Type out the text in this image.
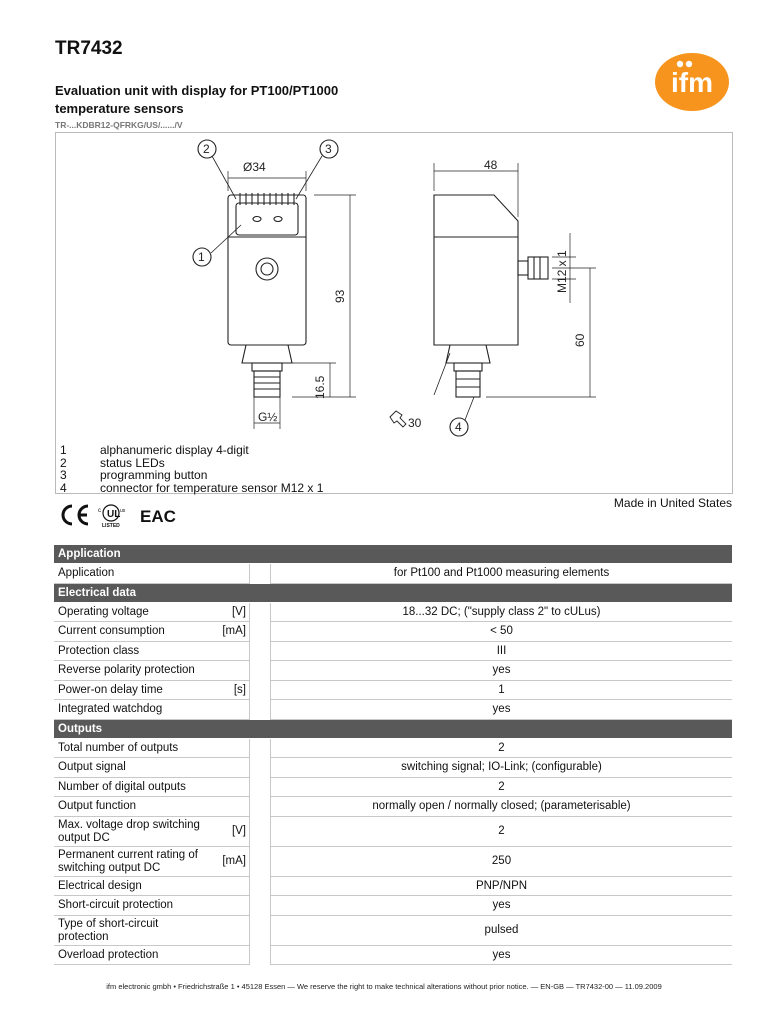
TR7432
Evaluation unit with display for PT100/PT1000
temperature sensors
TR-...KDBR12-QFRKG/US/....../V
ifm
Ø34
93
16.5
G½
48
M12 x 1
60
30
2	3
1
4
1	alphanumeric display 4-digit
2	status LEDs
3	programming button
4	connector for temperature sensor M12 x 1
Made in United States
CE
UL
c	us
LISTED EAC
Application			
Application			for Pt100 and Pt1000 measuring elements
Electrical data			
Operating voltage	[V]		18...32 DC; ("supply class 2" to cULus)
Current consumption	[mA]		< 50
Protection class			III
Reverse polarity protection			yes
Power-on delay time	[s]		1
Integrated watchdog			yes
Outputs			
Total number of outputs			2
Output signal			switching signal; IO-Link; (configurable)
Number of digital outputs			2
Output function			normally open / normally closed; (parameterisable)
Max. voltage drop switching output DC	[V]		2
Permanent current rating of switching output DC	[mA]		250
Electrical design			PNP/NPN
Short-circuit protection			yes
Type of short-circuit protection			pulsed
Overload protection			yes
ifm electronic gmbh • Friedrichstraße 1 • 45128 Essen — We reserve the right to make technical alterations without prior notice. — EN-GB — TR7432-00 — 11.09.2009
